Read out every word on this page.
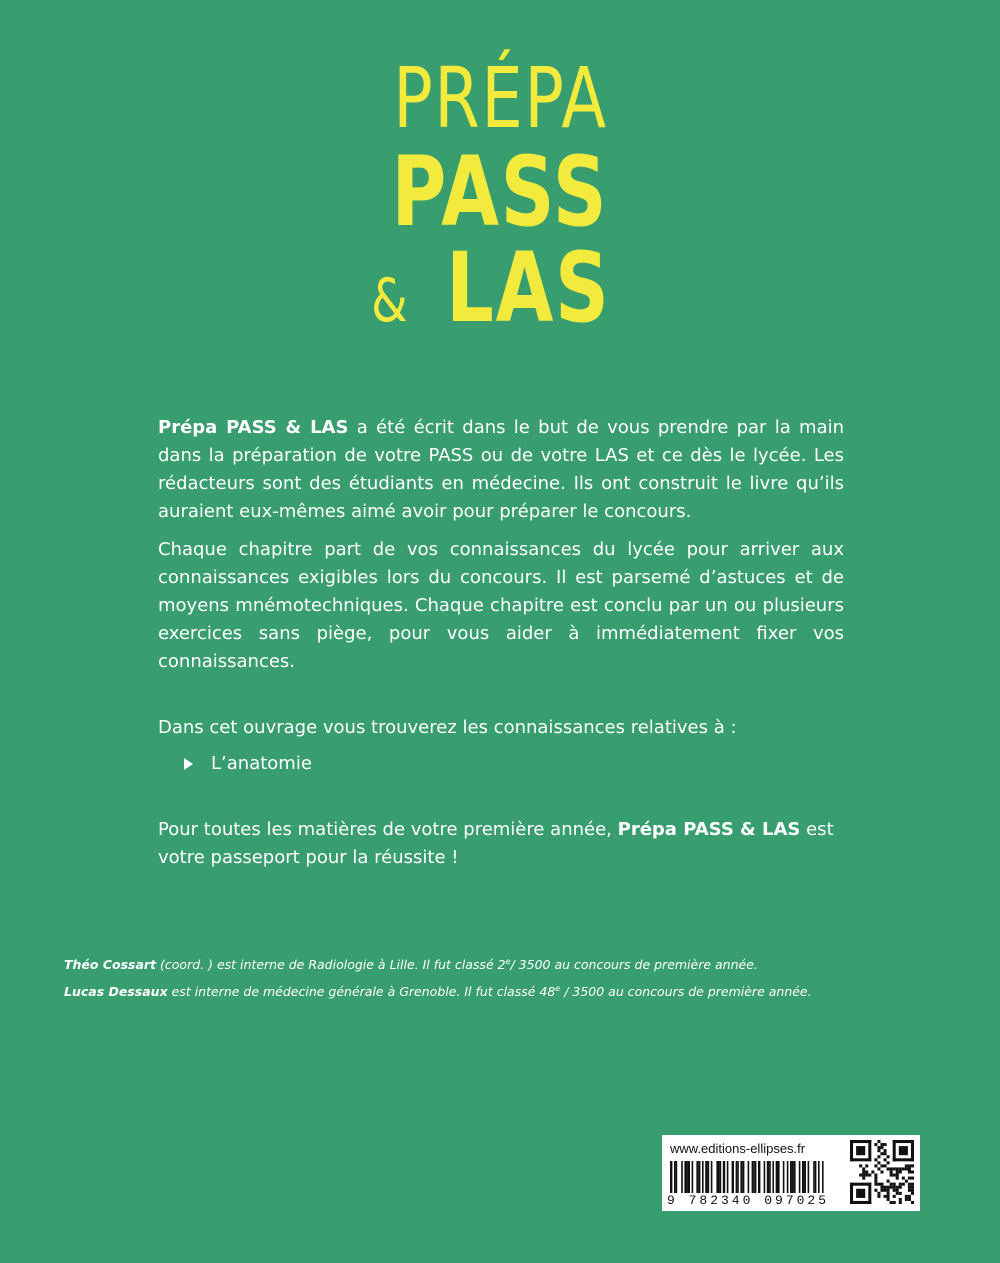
PRÉPA
PASS
& LAS

Prépa PASS & LAS a été écrit dans le but de vous prendre par la main dans la préparation de votre PASS ou de votre LAS et ce dès le lycée. Les rédacteurs sont des étudiants en médecine. Ils ont construit le livre qu’ils auraient eux-mêmes aimé avoir pour préparer le concours.

Chaque chapitre part de vos connaissances du lycée pour arriver aux connaissances exigibles lors du concours. Il est parsemé d’astuces et de moyens mnémotechniques. Chaque chapitre est conclu par un ou plusieurs exercices sans piège, pour vous aider à immédiatement fixer vos connaissances.

Dans cet ouvrage vous trouverez les connaissances relatives à :
L’anatomie
Pour toutes les matières de votre première année, Prépa PASS & LAS est votre passeport pour la réussite !
Théo Cossart (coord. ) est interne de Radiologie à Lille. Il fut classé 2e/ 3500 au concours de première année.
Lucas Dessaux est interne de médecine générale à Grenoble. Il fut classé 48e / 3500 au concours de première année.
www.editions-ellipses.fr
9 782340 097025
